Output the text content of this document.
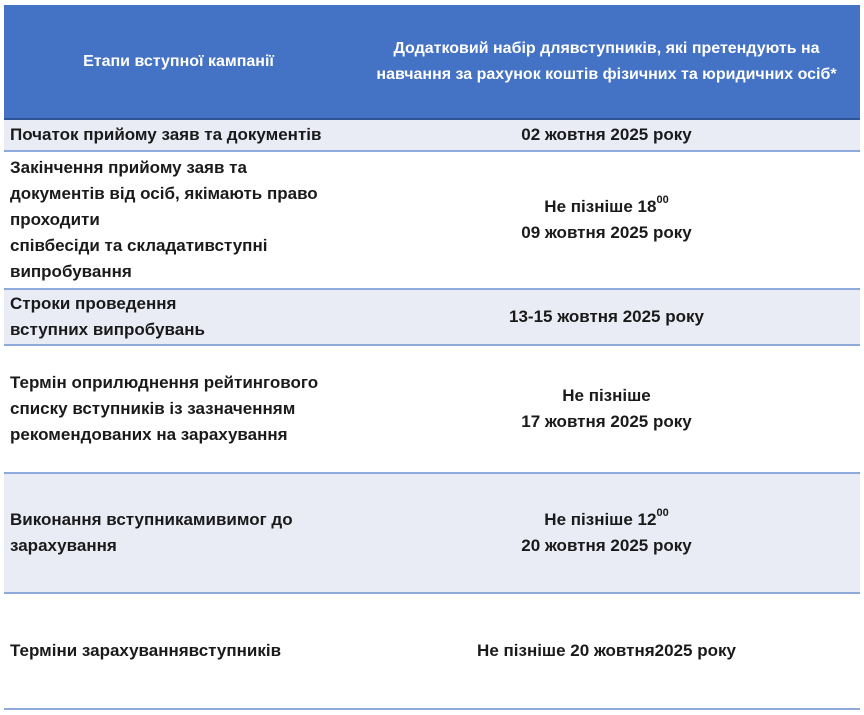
Етапи вступної кампанії	Додатковий набір длявступників, які претендують на навчання за рахунок коштів фізичних та юридичних осіб*

Початок прийому заяв та документів	02 жовтня 2025 року

Закінчення прийому заяв та
документів від осіб, якімають право
проходити
співбесіди та складативступні
випробування	Не пізніше $18^{00}$
09 жовтня 2025 року

Строки проведення
вступних випробувань	13-15 жовтня 2025 року

Термін оприлюднення рейтингового
списку вступників із зазначенням
рекомендованих на зарахування	Не пізніше
17 жовтня 2025 року

Виконання вступникамивимог до
зарахування	Не пізніше $12^{00}$
20 жовтня 2025 року

Терміни зарахуваннявступників	Не пізніше 20 жовтня2025 року
